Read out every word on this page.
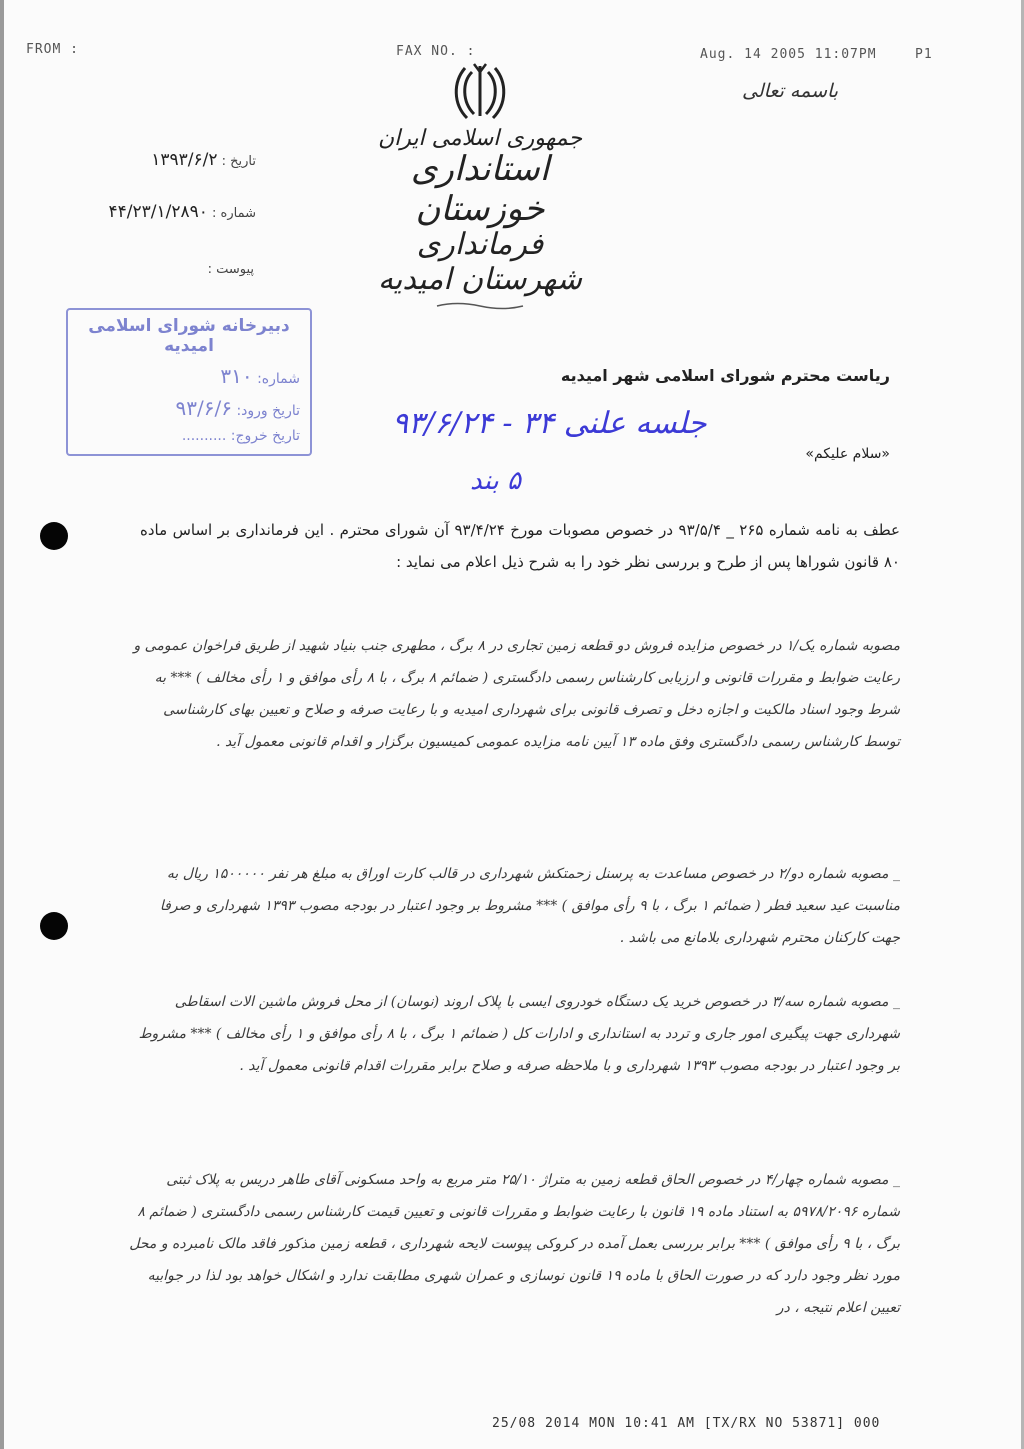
FROM :	FAX NO. :	Aug. 14 2005 11:07PM	P1
باسمه تعالی
جمهوری اسلامی ایران
استانداری خوزستان
فرمانداری شهرستان امیدیه
تاریخ : ۱۳۹۳/۶/۲
شماره : ۴۴/۲۳/۱/۲۸۹۰
پیوست :
دبیرخانه شورای اسلامی امیدیه
شماره: ۳۱۰
تاریخ ورود: ۹۳/۶/۶
تاریخ خروج: ..........
ریاست محترم شورای اسلامی شهر امیدیه
جلسه علنی ۳۴ - ۹۳/۶/۲۴
۵ بند
«سلام علیکم»
عطف به نامه شماره ۲۶۵ _ ۹۳/۵/۴ در خصوص مصوبات مورخ ۹۳/۴/۲۴ آن شورای محترم . این فرمانداری بر اساس ماده ۸۰ قانون شوراها پس از طرح و بررسی نظر خود را به شرح ذیل اعلام می نماید :
مصوبه شماره یک/۱ در خصوص مزایده فروش دو قطعه زمین تجاری در ۸ برگ ، مطهری جنب بنیاد شهید از طریق فراخوان عمومی و رعایت ضوابط و مقررات قانونی و ارزیابی کارشناس رسمی دادگستری ( ضمائم ۸ برگ ، با ۸ رأی موافق و ۱ رأی مخالف ) *** به شرط وجود اسناد مالکیت و اجازه دخل و تصرف قانونی برای شهرداری امیدیه و با رعایت صرفه و صلاح و تعیین بهای کارشناسی توسط کارشناس رسمی دادگستری وفق ماده ۱۳ آیین نامه مزایده عمومی کمیسیون برگزار و اقدام قانونی معمول آید .
_ مصوبه شماره دو/۲ در خصوص مساعدت به پرسنل زحمتکش شهرداری در قالب کارت اوراق به مبلغ هر نفر ۱۵۰۰۰۰۰ ریال به مناسبت عید سعید فطر ( ضمائم ۱ برگ ، با ۹ رأی موافق ) *** مشروط بر وجود اعتبار در بودجه مصوب ۱۳۹۳ شهرداری و صرفا جهت کارکنان محترم شهرداری بلامانع می باشد .
_ مصوبه شماره سه/۳ در خصوص خرید یک دستگاه خودروی ایسی با پلاک اروند (نوسان) از محل فروش ماشین الات اسقاطی شهرداری جهت پیگیری امور جاری و تردد به استانداری و ادارات کل ( ضمائم ۱ برگ ، با ۸ رأی موافق و ۱ رأی مخالف ) *** مشروط بر وجود اعتبار در بودجه مصوب ۱۳۹۳ شهرداری و با ملاحظه صرفه و صلاح برابر مقررات اقدام قانونی معمول آید .
_ مصوبه شماره چهار/۴ در خصوص الحاق قطعه زمین به متراژ ۲۵/۱۰ متر مربع به واحد مسکونی آقای طاهر دریس به پلاک ثبتی شماره ۵۹۷۸/۲۰۹۶ به استناد ماده ۱۹ قانون با رعایت ضوابط و مقررات قانونی و تعیین قیمت کارشناس رسمی دادگستری ( ضمائم ۸ برگ ، با ۹ رأی موافق ) *** برابر بررسی بعمل آمده در کروکی پیوست لایحه شهرداری ، قطعه زمین مذکور فاقد مالک نامبرده و محل مورد نظر وجود دارد که در صورت الحاق با ماده ۱۹ قانون نوسازی و عمران شهری مطابقت ندارد و اشکال خواهد بود لذا در جوابیه تعیین اعلام نتیجه ، در
25/08 2014 MON 10:41 AM [TX/RX NO 53871] 000
